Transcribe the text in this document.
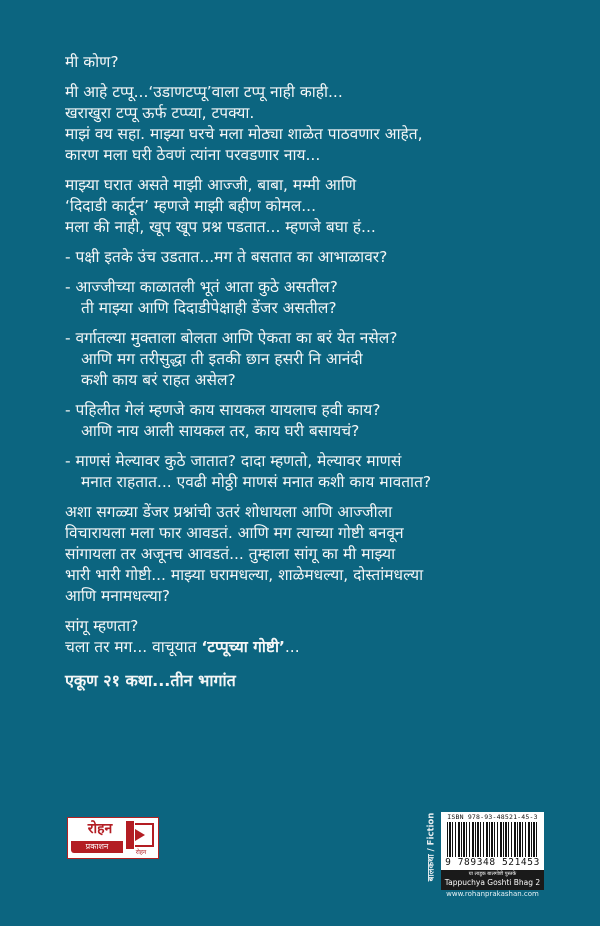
मी कोण?

मी आहे टप्पू...‘उडाणटप्पू’वाला टप्पू नाही काही...
खराखुरा टप्पू ऊर्फ टप्प्या, टपक्या.
माझं वय सहा. माझ्या घरचे मला मोठ्या शाळेत पाठवणार आहेत,
कारण मला घरी ठेवणं त्यांना परवडणार नाय...

माझ्या घरात असते माझी आज्जी, बाबा, मम्मी आणि
‘दिदाडी कार्टून’ म्हणजे माझी बहीण कोमल...
मला की नाही, खूप खूप प्रश्न पडतात... म्हणजे बघा हं...

- पक्षी इतके उंच उडतात...मग ते बसतात का आभाळावर?
- आज्जीच्या काळातली भूतं आता कुठे असतील?
ती माझ्या आणि दिदाडीपेक्षाही डेंजर असतील?
- वर्गातल्या मुक्ताला बोलता आणि ऐकता का बरं येत नसेल?
आणि मग तरीसुद्धा ती इतकी छान हसरी नि आनंदी
कशी काय बरं राहत असेल?
- पहिलीत गेलं म्हणजे काय सायकल यायलाच हवी काय?
आणि नाय आली सायकल तर, काय घरी बसायचं?
- माणसं मेल्यावर कुठे जातात? दादा म्हणतो, मेल्यावर माणसं
मनात राहतात... एवढी मोठ्ठी माणसं मनात कशी काय मावतात?

अशा सगळ्या डेंजर प्रश्नांची उतरं शोधायला आणि आज्जीला
विचारायला मला फार आवडतं. आणि मग त्याच्या गोष्टी बनवून
सांगायला तर अजूनच आवडतं... तुम्हाला सांगू का मी माझ्या
भारी भारी गोष्टी... माझ्या घरामधल्या, शाळेमधल्या, दोस्तांमधल्या
आणि मनामधल्या?

सांगू म्हणता?
चला तर मग... वाचूयात ‘टप्पूच्या गोष्टी’...

एकूण २१ कथा...तीन भागांत

रोहन
प्रकाशन
रोहन	बालकथा / Fiction	ISBN 978-93-48521-45-3
9 789348 521453
या लाडूक बालगोष्टी पुस्तके
Tappuchya Goshti Bhag 2
www.rohanprakashan.com
